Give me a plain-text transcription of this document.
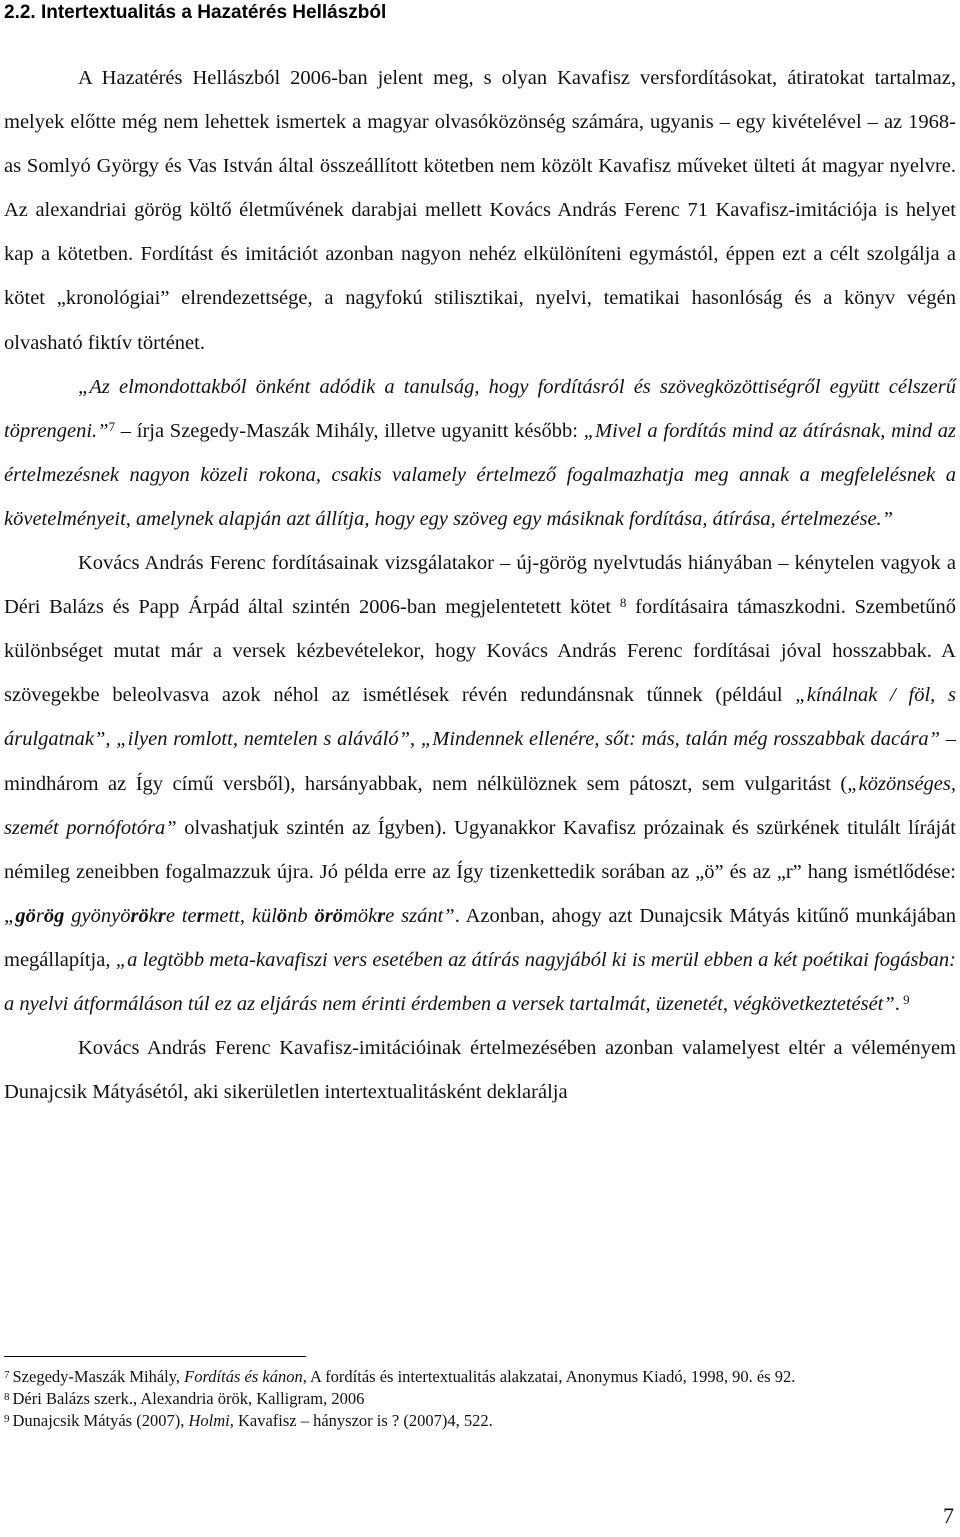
2.2. Intertextualitás a Hazatérés Hellászból

A Hazatérés Hellászból 2006-ban jelent meg, s olyan Kavafisz versfordításokat, átiratokat tartalmaz, melyek előtte még nem lehettek ismertek a magyar olvasóközönség számára, ugyanis – egy kivételével – az 1968-as Somlyó György és Vas István által összeállított kötetben nem közölt Kavafisz műveket ülteti át magyar nyelvre. Az alexandriai görög költő életművének darabjai mellett Kovács András Ferenc 71 Kavafisz-imitációja is helyet kap a kötetben. Fordítást és imitációt azonban nagyon nehéz elkülöníteni egymástól, éppen ezt a célt szolgálja a kötet „kronológiai” elrendezettsége, a nagyfokú stilisztikai, nyelvi, tematikai hasonlóság és a könyv végén olvasható fiktív történet.

„Az elmondottakból önként adódik a tanulság, hogy fordításról és szövegközöttiségről együtt célszerű töprengeni.”$^7$ – írja Szegedy-Maszák Mihály, illetve ugyanitt később: „Mivel a fordítás mind az átírásnak, mind az értelmezésnek nagyon közeli rokona, csakis valamely értelmező fogalmazhatja meg annak a megfelelésnek a követelményeit, amelynek alapján azt állítja, hogy egy szöveg egy másiknak fordítása, átírása, értelmezése.”

Kovács András Ferenc fordításainak vizsgálatakor – új-görög nyelvtudás hiányában – kénytelen vagyok a Déri Balázs és Papp Árpád által szintén 2006-ban megjelentetett kötet $^8$ fordításaira támaszkodni. Szembetűnő különbséget mutat már a versek kézbevételekor, hogy Kovács András Ferenc fordításai jóval hosszabbak. A szövegekbe beleolvasva azok néhol az ismétlések révén redundánsnak tűnnek (például „kínálnak / föl, s árulgatnak”, „ilyen romlott, nemtelen s aláváló”, „Mindennek ellenére, sőt: más, talán még rosszabbak dacára” – mindhárom az Így című versből), harsányabbak, nem nélkülöznek sem pátoszt, sem vulgaritást („közönséges, szemét pornófotóra” olvashatjuk szintén az Ígyben). Ugyanakkor Kavafisz prózainak és szürkének titulált líráját némileg zeneibben fogalmazzuk újra. Jó példa erre az Így tizenkettedik sorában az „ö” és az „r” hang ismétlődése: „görög gyönyörökre termett, különb örömökre szánt”. Azonban, ahogy azt Dunajcsik Mátyás kitűnő munkájában megállapítja, „a legtöbb meta-kavafiszi vers esetében az átírás nagyjából ki is merül ebben a két poétikai fogásban: a nyelvi átformáláson túl ez az eljárás nem érinti érdemben a versek tartalmát, üzenetét, végkövetkeztetését”. $^9$

Kovács András Ferenc Kavafisz-imitációinak értelmezésében azonban valamelyest eltér a véleményem Dunajcsik Mátyásétól, aki sikerületlen intertextualitásként deklarálja

$^7$ Szegedy-Maszák Mihály, Fordítás és kánon, A fordítás és intertextualitás alakzatai, Anonymus Kiadó, 1998, 90. és 92.

$^8$ Déri Balázs szerk., Alexandria örök, Kalligram, 2006

$^9$ Dunajcsik Mátyás (2007), Holmi, Kavafisz – hányszor is ? (2007)4, 522.

7
